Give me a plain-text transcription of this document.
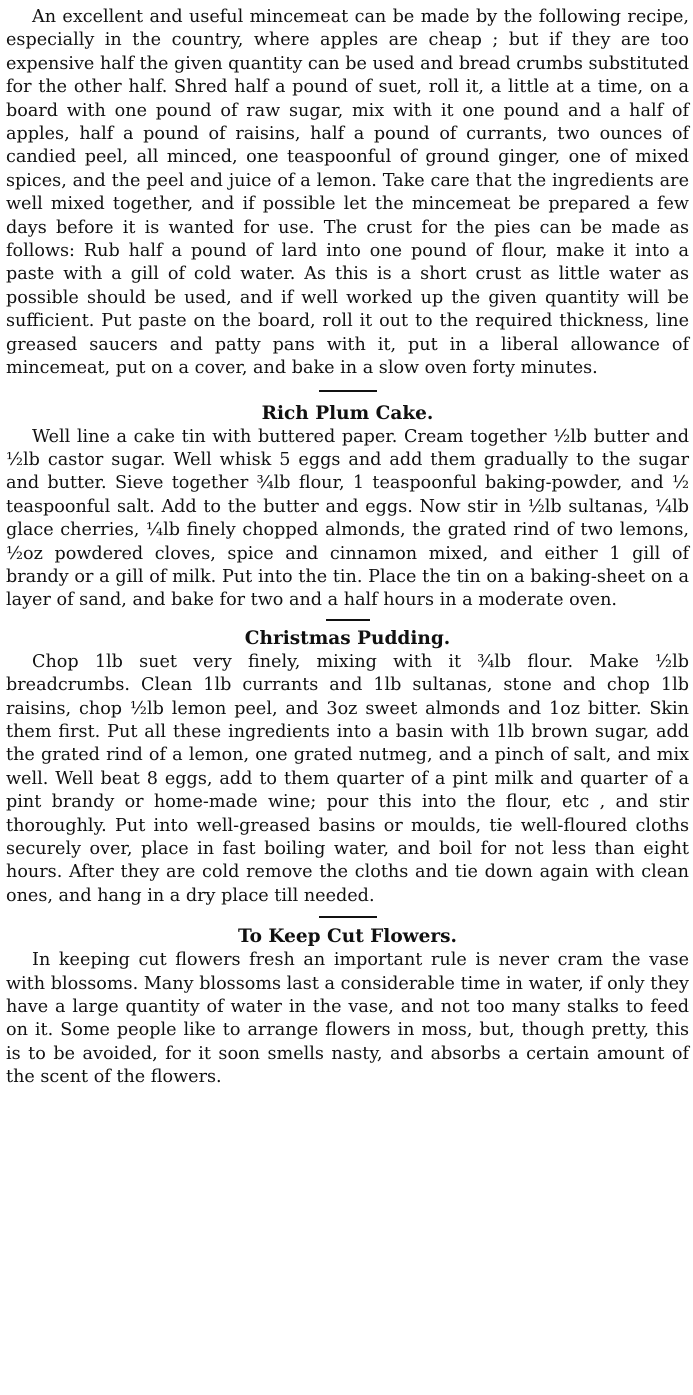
An excellent and useful mincemeat can be made by the following recipe, especially in the country, where apples are cheap ; but if they are too expensive half the given quantity can be used and bread crumbs substituted for the other half. Shred half a pound of suet, roll it, a little at a time, on a board with one pound of raw sugar, mix with it one pound and a half of apples, half a pound of raisins, half a pound of currants, two ounces of candied peel, all minced, one teaspoonful of ground ginger, one of mixed spices, and the peel and juice of a lemon. Take care that the ingredients are well mixed together, and if possible let the mincemeat be prepared a few days before it is wanted for use. The crust for the pies can be made as follows: Rub half a pound of lard into one pound of flour, make it into a paste with a gill of cold water. As this is a short crust as little water as possible should be used, and if well worked up the given quantity will be sufficient. Put paste on the board, roll it out to the required thickness, line greased saucers and patty pans with it, put in a liberal allowance of mincemeat, put on a cover, and bake in a slow oven forty minutes.

Rich Plum Cake.

Well line a cake tin with buttered paper. Cream together ½lb butter and ½lb castor sugar. Well whisk 5 eggs and add them gradually to the sugar and butter. Sieve together ¾lb flour, 1 teaspoonful baking-powder, and ½ teaspoonful salt. Add to the butter and eggs. Now stir in ½lb sultanas, ¼lb glace cherries, ¼lb finely chopped almonds, the grated rind of two lemons, ½oz powdered cloves, spice and cinnamon mixed, and either 1 gill of brandy or a gill of milk. Put into the tin. Place the tin on a baking-sheet on a layer of sand, and bake for two and a half hours in a moderate oven.

Christmas Pudding.

Chop 1lb suet very finely, mixing with it ¾lb flour. Make ½lb breadcrumbs. Clean 1lb currants and 1lb sultanas, stone and chop 1lb raisins, chop ½lb lemon peel, and 3oz sweet almonds and 1oz bitter. Skin them first. Put all these ingredients into a basin with 1lb brown sugar, add the grated rind of a lemon, one grated nutmeg, and a pinch of salt, and mix well. Well beat 8 eggs, add to them quarter of a pint milk and quarter of a pint brandy or home-made wine; pour this into the flour, etc , and stir thoroughly. Put into well-greased basins or moulds, tie well-floured cloths securely over, place in fast boiling water, and boil for not less than eight hours. After they are cold remove the cloths and tie down again with clean ones, and hang in a dry place till needed.

To Keep Cut Flowers.

In keeping cut flowers fresh an important rule is never cram the vase with blossoms. Many blossoms last a considerable time in water, if only they have a large quantity of water in the vase, and not too many stalks to feed on it. Some people like to arrange flowers in moss, but, though pretty, this is to be avoided, for it soon smells nasty, and absorbs a certain amount of the scent of the flowers.
